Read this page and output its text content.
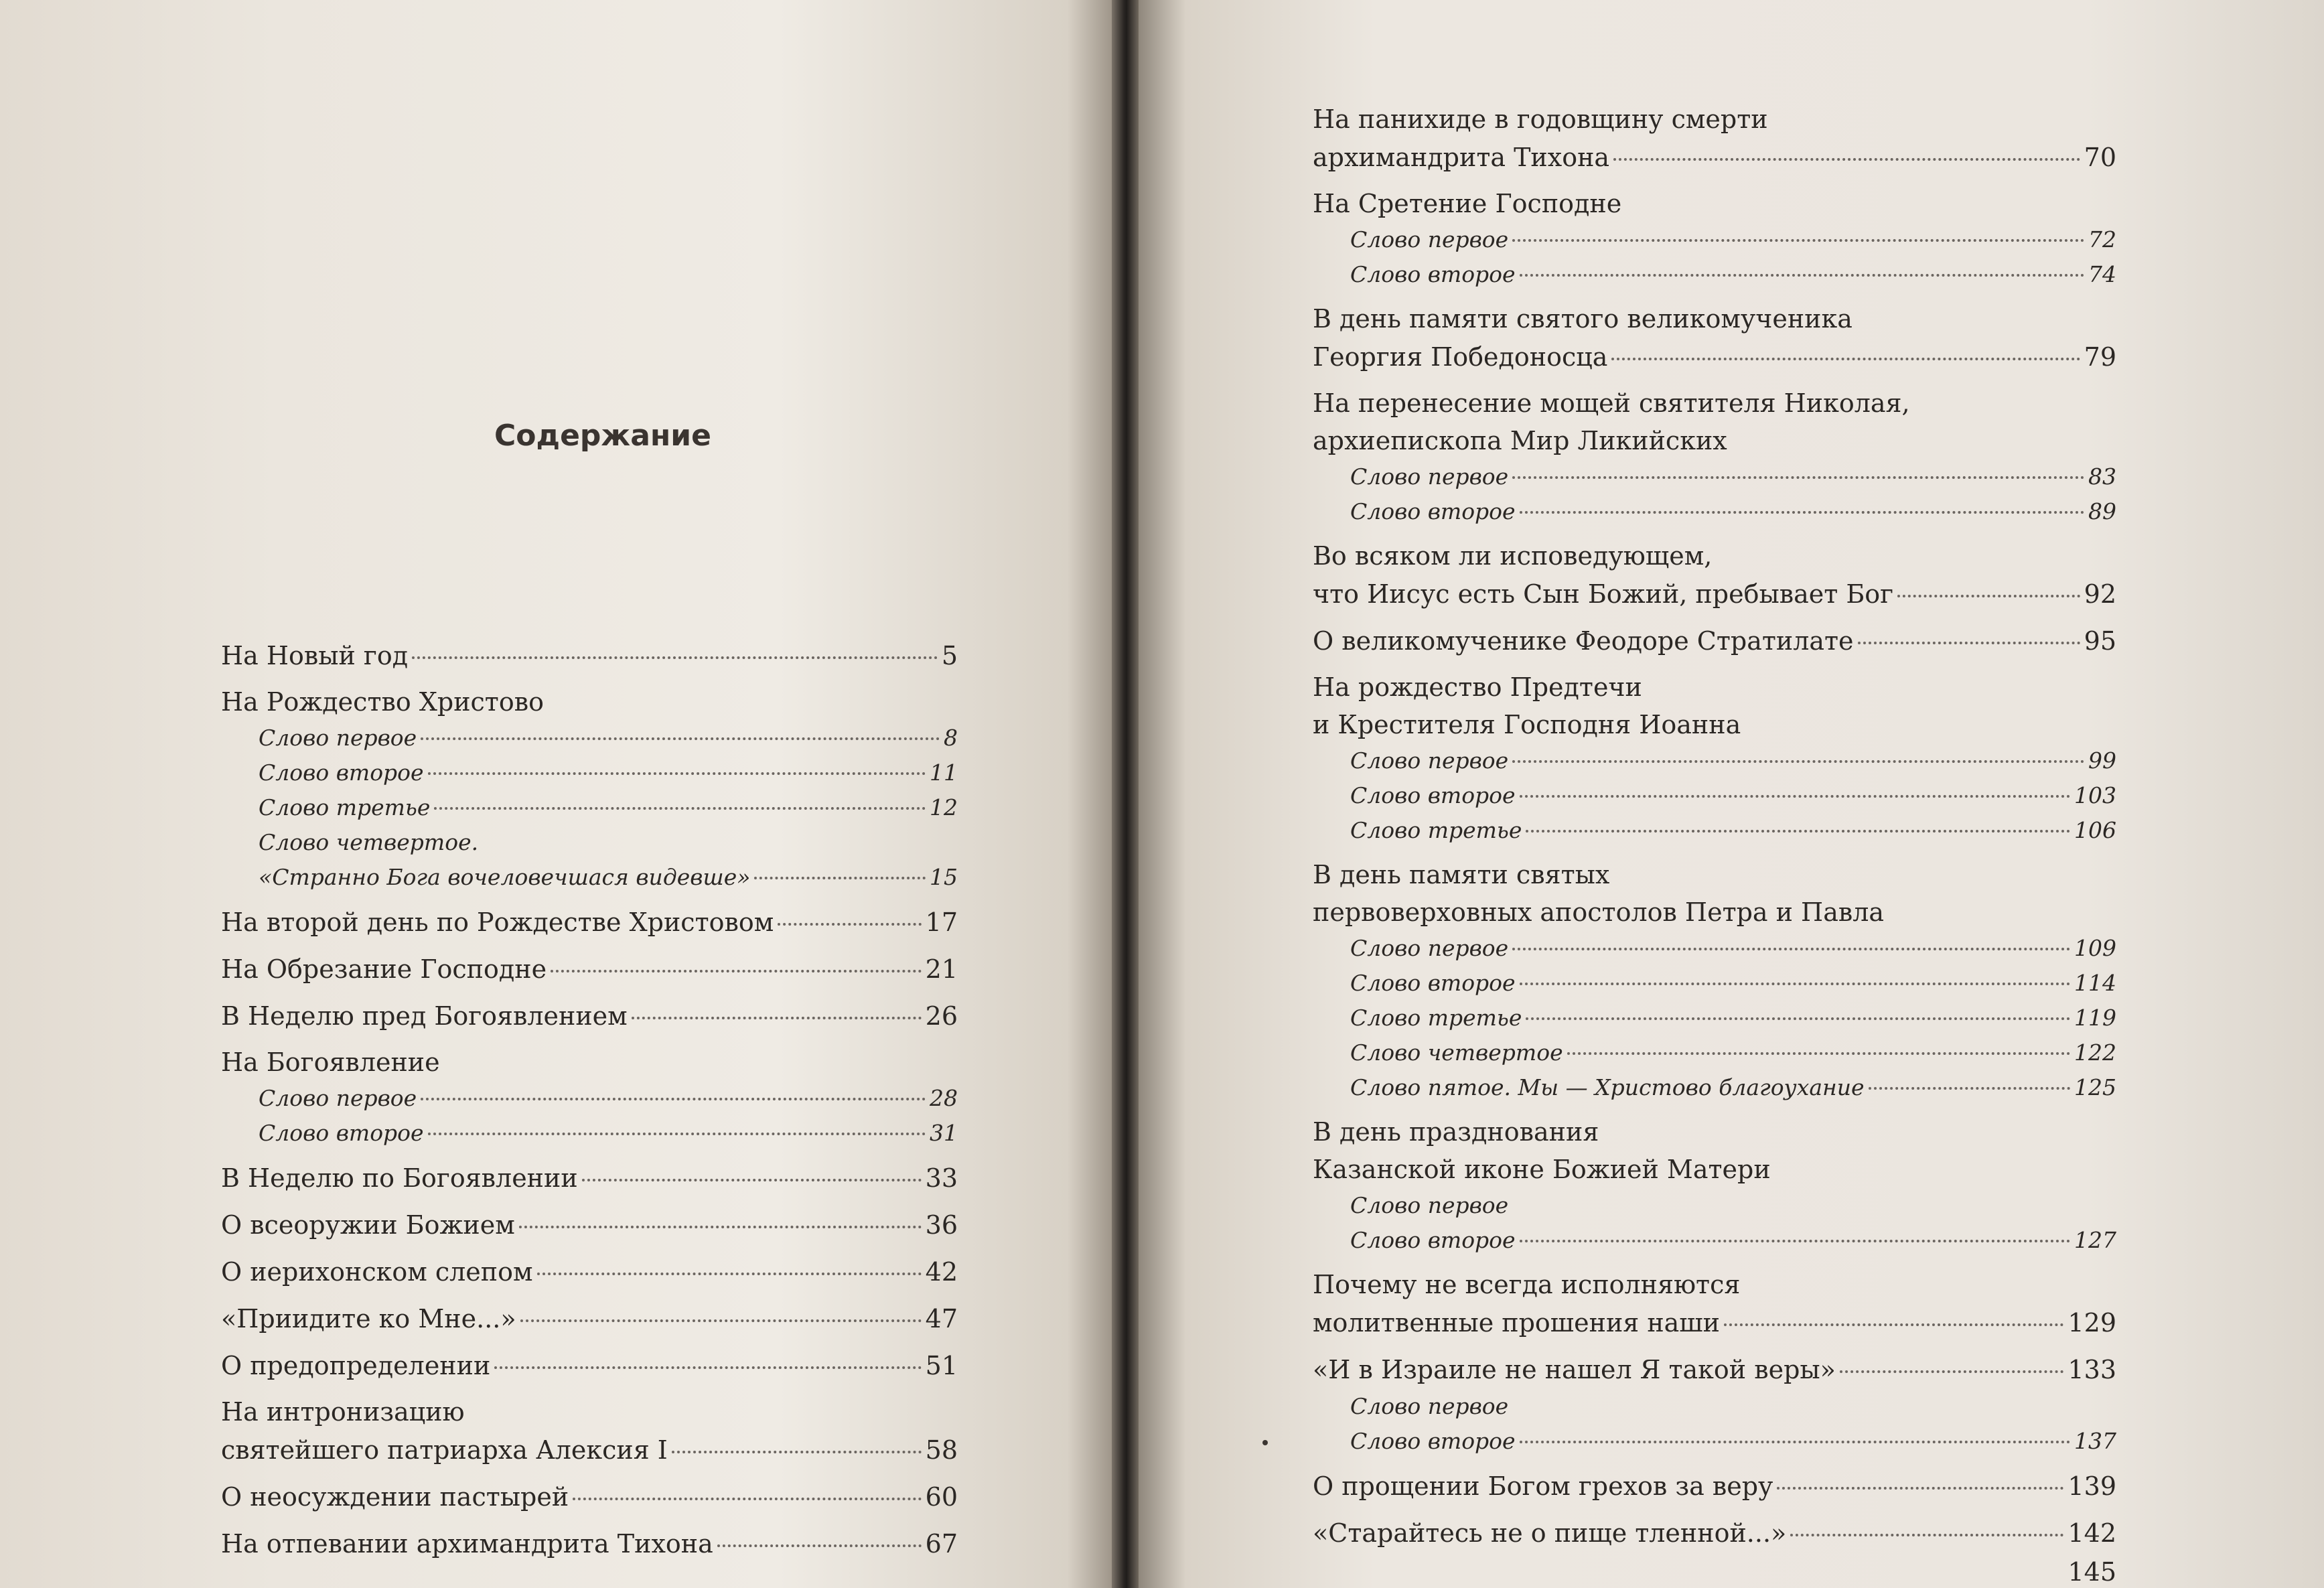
Содержание
На Новый год	5
На Рождество Христово
Слово первое	8
Слово второе	11
Слово третье	12
Слово четвертое.
«Странно Бога вочеловечшася видевше»	15
На второй день по Рождестве Христовом	17
На Обрезание Господне	21
В Неделю пред Богоявлением	26
На Богоявление
Слово первое	28
Слово второе	31
В Неделю по Богоявлении	33
О всеоружии Божием	36
О иерихонском слепом	42
«Приидите ко Мне...»	47
О предопределении	51
На интронизацию
святейшего патриарха Алексия I	58
О неосуждении пастырей	60
На отпевании архимандрита Тихона	67
На панихиде в годовщину смерти
архимандрита Тихона	70
На Сретение Господне
Слово первое	72
Слово второе	74
В день памяти святого великомученика
Георгия Победоносца	79
На перенесение мощей святителя Николая,
архиепископа Мир Ликийских
Слово первое	83
Слово второе	89
Во всяком ли исповедующем,
что Иисус есть Сын Божий, пребывает Бог	92
О великомученике Феодоре Стратилате	95
На рождество Предтечи
и Крестителя Господня Иоанна
Слово первое	99
Слово второе	103
Слово третье	106
В день памяти святых
первоверховных апостолов Петра и Павла
Слово первое	109
Слово второе	114
Слово третье	119
Слово четвертое	122
Слово пятое. Мы — Христово благоухание	125
В день празднования
Казанской иконе Божией Матери
Слово первое
Слово второе	127
Почему не всегда исполняются
молитвенные прошения наши	129
«И в Израиле не нашел Я такой веры»	133
Слово первое
Слово второе	137
О прощении Богом грехов за веру	139
«Старайтесь не о пище тленной...»	142
145
